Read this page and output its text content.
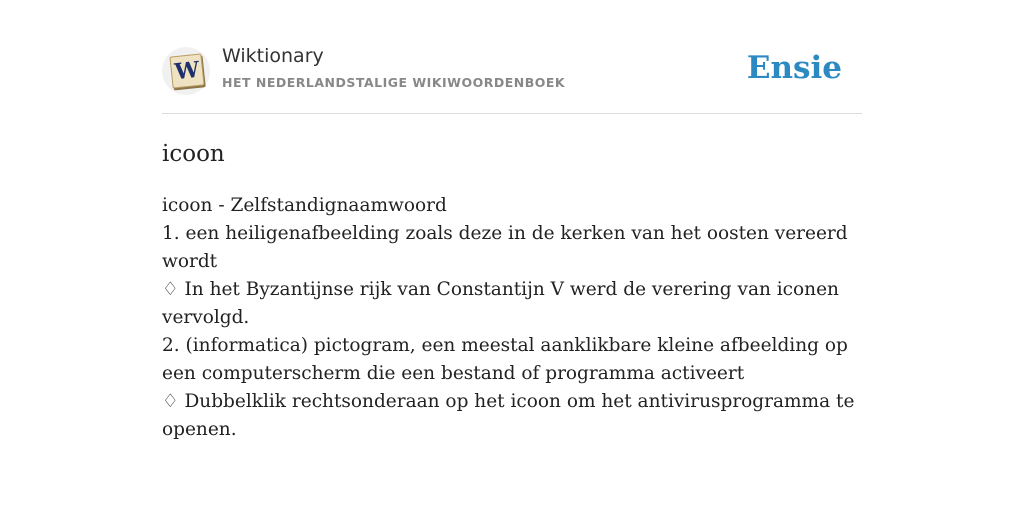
W
Wiktionary
HET NEDERLANDSTALIGE WIKIWOORDENBOEK	Ensie
icoon
icoon - Zelfstandignaamwoord
1. een heiligenafbeelding zoals deze in de kerken van het oosten vereerd wordt
♢ In het Byzantijnse rijk van Constantijn V werd de verering van iconen vervolgd.
2. (informatica) pictogram, een meestal aanklikbare kleine afbeelding op een computerscherm die een bestand of programma activeert
♢ Dubbelklik rechtsonderaan op het icoon om het antivirusprogramma te openen.
